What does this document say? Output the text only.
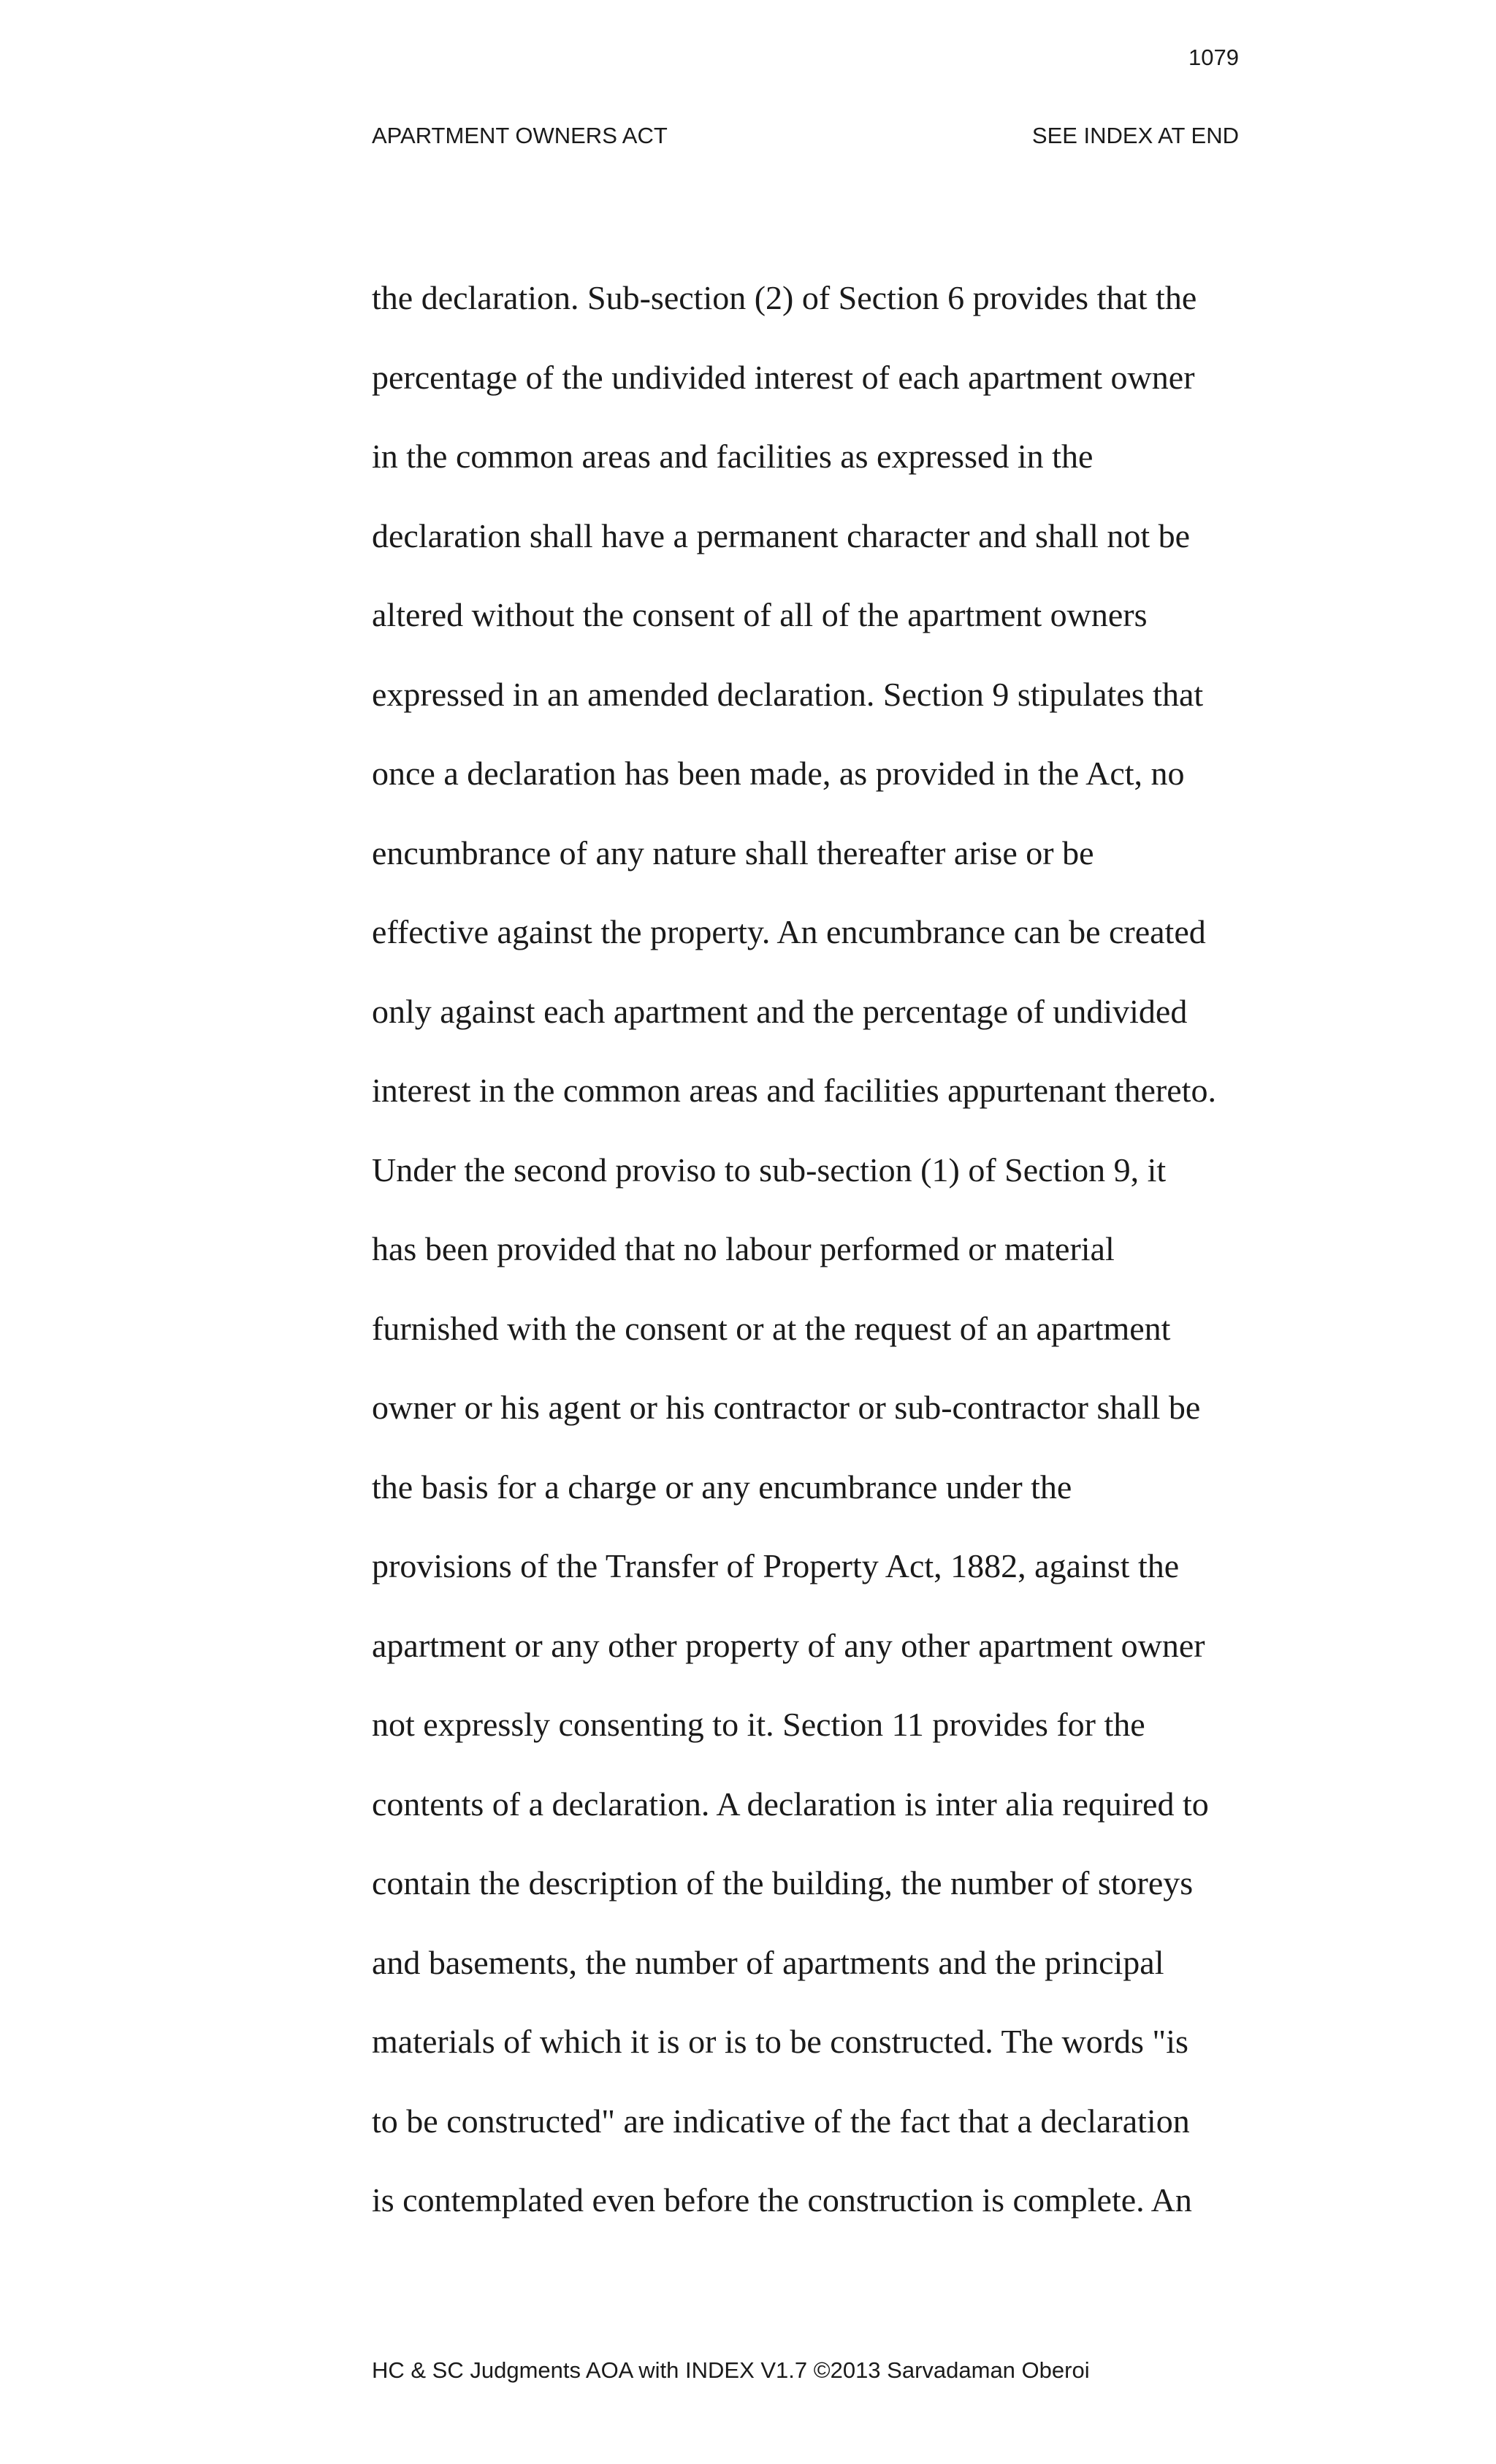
1079
APARTMENT OWNERS ACT	SEE INDEX AT END
the declaration. Sub-section (2) of Section 6 provides that the
percentage of the undivided interest of each apartment owner
in the common areas and facilities as expressed in the
declaration shall have a permanent character and shall not be
altered without the consent of all of the apartment owners
expressed in an amended declaration. Section 9 stipulates that
once a declaration has been made, as provided in the Act, no
encumbrance of any nature shall thereafter arise or be
effective against the property. An encumbrance can be created
only against each apartment and the percentage of undivided
interest in the common areas and facilities appurtenant thereto.
Under the second proviso to sub-section (1) of Section 9, it
has been provided that no labour performed or material
furnished with the consent or at the request of an apartment
owner or his agent or his contractor or sub-contractor shall be
the basis for a charge or any encumbrance under the
provisions of the Transfer of Property Act, 1882, against the
apartment or any other property of any other apartment owner
not expressly consenting to it. Section 11 provides for the
contents of a declaration. A declaration is inter alia required to
contain the description of the building, the number of storeys
and basements, the number of apartments and the principal
materials of which it is or is to be constructed. The words "is
to be constructed" are indicative of the fact that a declaration
is contemplated even before the construction is complete. An
HC & SC Judgments AOA with INDEX V1.7 ©2013 Sarvadaman Oberoi
